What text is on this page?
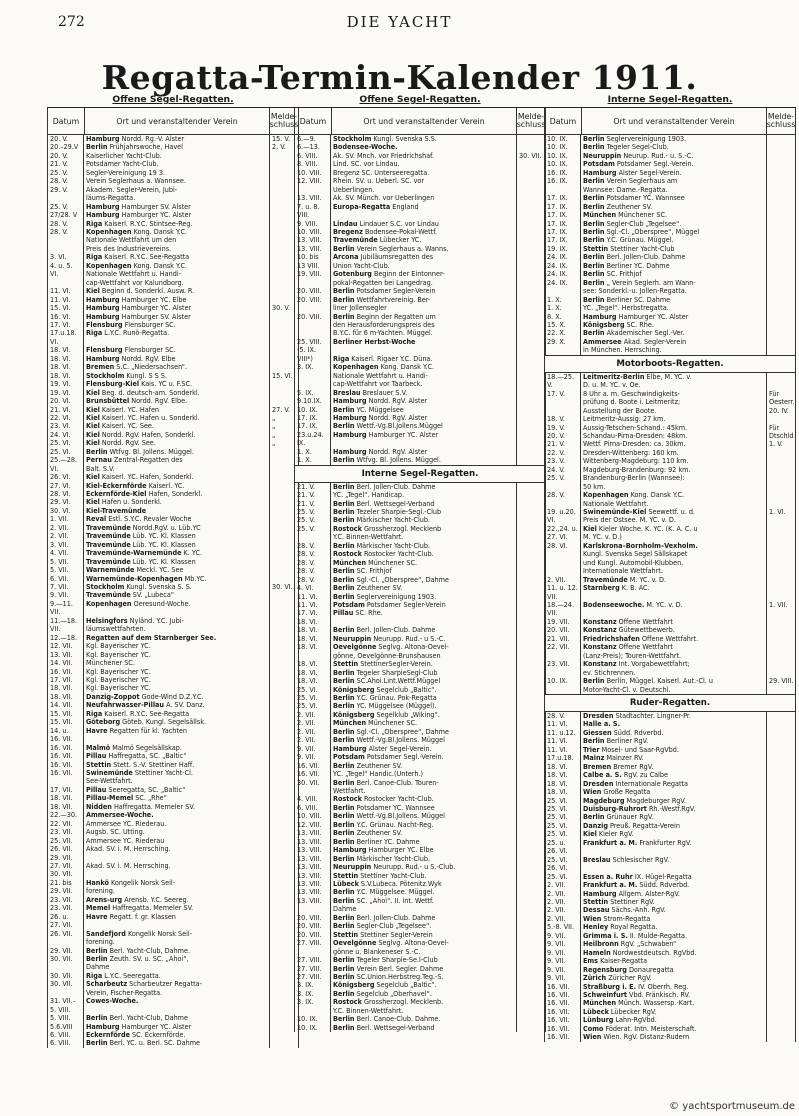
272	DIE YACHT
Regatta-Termin-Kalender 1911.
Offene Segel-Regatten.
Datum	Ort und veranstaltender Verein	Melde-schluss
20. V.	Hamburg Nordd. Rg.-V. Alster	15. V.
20.–29.V	Berlin Frühjahrswoche, Havel	2. V.
20. V.	Kaiserlicher Yacht-Club.
21. V.	Potsdamer Yacht-Club.
25. V.	Segler-Vereinigung 19 3.
28. V.	Verein Seglerhaus a. Wannsee.
29. V.	Akadem. Segler-Verein, Jubi-
läums-Regatta.
25. V.	Hamburg Hamburger SV. Alster
27/28. V	Hamburg Hamburger YC. Alster
28. V.	Riga Kaiserl. R.Y.C. Stintsee-Reg.
28. V.	Kopenhagen Kong. Dansk Y.C.
Nationale Wettfahrt um den
Preis des Industrievereins.
3. VI.	Riga Kaiserl. R.Y.C. See-Regatta
4. u. 5.	Kopenhagen Kong. Dansk Y.C.
VI.	Nationale Wettfahrt u. Handi-
cap-Wettfahrt vor Kalundborg.
11. VI.	Kiel Beginn d. Sonderkl. Ausw. R.
11. VI.	Hamburg Hamburger YC. Elbe
15. VI.	Hamburg Hamburger YC. Alster	30. V.
16. VI.	Hamburg Hamburger SV. Alster
17. VI.	Flensburg Flensburger SC.
17.u.18.	Riga L.Y.C. Runö-Regatta.
VI.
18. VI.	Flensburg Flensburger SC.
18. VI.	Hamburg Nordd. RgV. Elbe
18. VI.	Bremen S.C. „Niedersachsen“.
18. VI.	Stockholm Kungl. S S S.	15. VI.
19. VI.	Flensburg-Kiel Kais. YC u. F.SC.
19. VI.	Kiel Beg. d. deutsch-am. Sonderkl.
20. VI.	Brunsbüttel Nordd. RgV. Elbe.
21. VI.	Kiel Kaiserl. YC. Hafen	27. V.
22. VI.	Kiel Kaiserl. YC. Hafen u. Sonderkl.	„
23. VI.	Kiel Kaiserl. YC. See.	„
24. VI.	Kiel Nordd. RgV. Hafen, Sonderkl.	„
25. VI.	Kiel Nordd. RgV. See.	„
25. VI.	Berlin Wtfvg. Bl. Jollens. Müggel.
25.—28.	Pernau Zentral-Regatten des
VI.	Balt. S.V.
26. VI.	Kiel Kaiserl. YC. Hafen, Sonderkl.
27. VI.	Kiel-Eckernförde Kaiserl. YC.
28. VI.	Eckernförde-Kiel Hafen, Sonderkl.
29. VI.	Kiel Hafen u. Sonderkl.
30. VI.	Kiel-Travemünde
1. VII.	Reval Estl. S.Y.C. Revaler Woche
2. VII.	Travemünde Nordd.RgV. u. Lüb.YC
2. VII.	Travemünde Lüb. YC. Kl. Klassen
3. VII.	Travemünde Lüb. YC. Kl. Klassen
4. VII.	Travemünde-Warnemünde K. YC.
5. VII.	Travemünde Lüb. YC. Kl. Klassen
5. VII.	Warnemünde Meckl. YC. See
6. VII.	Warnemünde-Kopenhagen Mb.YC.
7. VII.	Stockholm Kungl. Svenska S. S.	30. VI.
9. VII.	Travemünde SV. „Lubeca“
9.—11.	Kopenhagen Oeresund-Woche.
VII.
11.—18.	Helsingfors Nyländ. Y.C. Jubi-
VII.	läumswettfahrten.
12.—18.	Regatten auf dem Starnberger See.
12. VII.	Kgl. Bayerischer YC.
13. VII.	Kgl. Bayerischer YC.
14. VII.	Münchener SC.
16. VII.	Kgl. Bayerischer YC.
17. VII.	Kgl. Bayerischer YC.
18. VII.	Kgl. Bayerischer YC.
18. VII.	Danzig-Zoppot Gode-Wind D.Z.Y.C.
14. VII.	Neufahrwasser-Pillau A. SV. Danz.
15. VII.	Riga Kaiserl. R.Y.C. See-Regatta
15. VII.	Göteborg Göteb. Kungl. Segelsällsk.
14. u.	Havre Regatten für kl. Yachten
16. VII.
16. VII.	Malmö Malmö Segelsällskap.
16. VII.	Pillau Haffregatta, SC. „Baltic“
16. VII.	Stettin Stett. S.-V. Stettiner Haff.
16. VII.	Swinemünde Stettiner Yacht-Cl.
See-Wettfahrt.
17. VII.	Pillau Seeregatta, SC. „Baltic“
18. VII.	Pillau-Memel SC. „Rhe“
18. VII.	Nidden Haffregatta. Memeler SV.
22.—30.	Ammersee-Woche.
22. VII.	Ammersee YC. Riederau.
23. VII.	Augsb. SC. Utting.
25. VII.	Ammersee YC. Riederau
26. VII.	Akad. SV. i. M. Herrsching.
29. VII.
27. VII.	Akad. SV. i. M. Herrsching.
30. VII.
21. bis	Hankö Kongelik Norsk Seil-
29. VII.	forening.
23. VII.	Arens-urg Arensb. Y.C. Seereg.
23. VII.	Memel Haffregatta. Memeler SV.
26. u.	Havre Regatt. f. gr. Klassen
27. VII.
26. VII.	Sandefjord Kongelik Norsk Seil-
forening.
29. VII.	Berlin Berl. Yacht-Club, Dahme.
30. VII.	Berlin Zeuth. SV. u. SC. „Ahoi“,
Dahme
30. VII.	Riga L.Y.C. Seeregatta.
30. VII.	Scharbeutz Scharbeutzer Regatta-
Verein, Fischer-Regatta.
31. VII.–	Cowes-Woche.
5. VIII.
5. VIII.	Berlin Berl. Yacht-Club, Dahme
5.6.VIII	Hamburg Hamburger YC. Alster
6. VIII.	Eckernförde SC. Eckernförde.
6. VIII.	Berlin Berl. YC. u. Berl. SC. Dahme
Offene Segel-Regatten.
Datum	Ort und veranstaltender Verein	Melde-schluss
6.—9.	Stockholm Kungl. Svenska S.S.
6.—13.	Bodensee-Woche.
6. VIII.	Ak. SV. Mnch. vor Friedrichshaf.	30. VII.
8. VIII.	Lind. SC. vor Lindau.
10. VIII.	Bregenz SC. Unterseeregatta.
12. VIII.	Rhein. SV. u. Ueberl. SC. vor
Ueberlingen.
13. VIII.	Ak. SV. Münch. vor Ueberlingen
7. u. 8.	Europa-Regatta England
VIII.
9. VIII.	Lindau Lindauer S.C. vor Lindau
10. VIII.	Bregenz Bodensee-Pokal-Wettf.
13. VIII.	Travemünde Lübecker YC.
13. VIII.	Berlin Verein Seglerhaus a. Wanns.
10. bis	Arcona Jubiläumsregatten des
13 VIII.	Union Yacht-Club.
19. VIII.	Gotenburg Beginn der Eintonner-
pokal-Regatten bei Langedrag.
20. VIII.	Berlin Potsdamer Segler-Verein
20. VIII.	Berlin Wettfahrtvereinig. Ber-
liner Jollensegler
20. VIII.	Berlin Beginn der Regatten um
den Herausforderungspreis des
B.Y.C. für 6 m-Yachten. Müggel.
25. VIII.	Berliner Herbst-Woche
-5. IX.
VIII*)	Riga Kaiserl. Rigaer Y.C. Düna.
3. IX.	Kopenhagen Kong. Dansk Y.C.
Nationale Wettfahrt u. Handi-
cap-Wettfahrt vor Taarbeck.
5. IX.	Breslau Breslauer S.V.
9.10.IX.	Hamburg Nordd. RgV. Alster
10. IX.	Berlin YC. Müggelsee
17. IX.	Hamburg Nordd. RgV. Alster
17. IX.	Berlin Wettf.-Vg.Bl.Jollens.Müggel
23.u.24.	Hamburg Hamburger YC. Alster
IX.
1. X.	Hamburg Nordd. RgV. Alster
1. X.	Berlin Wtfvg. Bl. Jollens. Müggel.
Interne Segel-Regatten.
21. V.	Berlin Berl. Jollen-Club. Dahme
21. V.	YC. „Tegel“. Handicap.
21. V.	Berlin Berl. Wettsegel-Verband
25. V.	Berlin Tezeler Sharpie-Segl.-Club
25. V.	Berlin Märkischer Yacht-Club.
25. V.	Rostock Grossherzogl. Mecklenb
Y.C. Binnen-Wettfahrt.
28. V.	Berlin Märkischer Yacht-Club.
28. V.	Rostock Rostocker Yacht-Club.
28. V.	München Münchener SC.
28. V.	Berlin SC. Frithjof
28. V.	Berlin Sgl.-Cl. „Oberspree“, Dahme
4. VI.	Berlin Zeuthener SV.
11. VI.	Berlin Seglervereinigung 1903.
11. VI.	Potsdam Potsdamer Segler-Verein
17. VI.	Pillau SC. Rhe.
18. VI.
18. VI.	Berlin Berl. Jollen-Club. Dahme
18. VI.	Neuruppin Neurupp. Rud.- u S.-C.
18. VI.	Oevelgönne Seglvg. Altona-Oevel-
gönne, Oevelgönne-Brunshausen
18. VI.	Stettin StettinerSegler-Verein.
18. VI.	Berlin Tegeler SharpieSegl-Club
18. VI.	Berlin SC.Ahoi.Lint.Wettf.Müggel
25. VI.	Königsberg Segelclub „Baltic“.
25. VI.	Berlin Y.C. Grünau. Pok-Regatta
25. VI.	Berlin YC. Müggelsee (Müggel).
2. VII.	Königsberg Segelklub „Wiking“.
2. VII.	München Münchener SC.
2. VII.	Berlin Sgl.-Cl. „Oberspree“, Dahme
2. VII.	Berlin Wettf.-Vg.Bl.Jollens. Müggel
9. VII.	Hamburg Alster Segel-Verein.
9. VII.	Potsdam Potsdamer Segl.-Verein.
16. VII.	Berlin Zeuthener SV.
16. VII.	YC. „Tegel“ Handic.(Unterh.)
30. VII.	Berlin Berl. Canoe-Club. Touren-
Wettfahrt.
4. VIII.	Rostock Rostocker Yacht-Club.
6. VIII.	Berlin Potsdamer YC. Wannsee
10. VIII.	Berlin Wettf.-Vg.Bl.Jollens. Müggel
12. VIII.	Berlin Y.C. Grünau. Nacht-Reg.
13. VIII.	Berlin Zeuthener SV.
13. VIII.	Berlin Berliner YC. Dahme
13. VIII.	Hamburg Hamburger YC. Elbe
13. VIII.	Berlin Märkischer Yacht-Club.
13. VIII.	Neuruppin Neurupp. Rud.- u S.-Club.
13. VIII.	Stettin Stettiner Yacht-Club.
13. VIII.	Lübeck S.V.Lubeca. Pötenitz.Wyk
13. VIII.	Berlin Y.C. Müggelsee. Müggel.
13. VIII.	Berlin SC. „Ahoi“. II. int. Wettf.
Dahme
20. VIII.	Berlin Berl. Jollen-Club. Dahme
20. VIII.	Berlin Segler-Club „Tegelsee“.
20. VIII.	Stettin Stettiner Segler-Verein
27. VIII.	Oevelgönne Seglvg. Altona-Oevel-
gönne u. Blankeneser S.-C.
27. VIII.	Berlin Tegeler Sharpie-Se.l-Club
27. VIII.	Berlin Verein Berl. Segler. Dahme
27. VIII.	Berlin SC.Union.Herbstreg.Teg.-S.
3. IX.	Königsberg Segelclub „Baltic“.
3. IX.	Berlin Segelclub „Oberhavel“.
3. IX.	Rostock Grossherzogl. Mecklenb.
Y.C. Binnen-Wettfahrt.
10. IX.	Berlin Berl. Canoe-Club. Dahme.
10. IX.	Berlin Berl. Wettsegel-Verband
Interne Segel-Regatten.
Datum	Ort und veranstaltender Verein	Melde-schluss
10. IX.	Berlin Seglervereinigung 1903.
10. IX.	Berlin Tegeler Segel-Club.
10. IX.	Neuruppin Neurup. Rud.- u. S.-C.
10. IX.	Potsdam Potsdamer Segl.-Verein.
16. IX.	Hamburg Alster Segel-Verein.
16. IX.	Berlin Verein Seglerhaus am
Wannsee: Dame.-Regatta.
17. IX.	Berlin Potsdamer YC. Wannsee
17. IX.	Berlin Zeuthener SV.
17. IX.	München Münchener SC.
17. IX.	Berlin Segler-Club „Tegelsee“.
17. IX.	Berlin Sgl.-Cl. „Oberspree“, Müggel
17. IX.	Berlin Y.C. Grünau. Müggel.
19. IX.	Stettin Stettiner Yacht-Club
24. IX.	Berlin Berl. Jollen-Club. Dahme
24. IX.	Berlin Berliner YC. Dahme
24. IX.	Berlin SC. Frithjof
24. IX.	Berlin „ Verein Seglerh. am Wann-
see: Sonderkl.-u. Jollen-Regatta.
1. X.	Berlin Berliner SC. Dahme
1. X.	YC. „Tegel“. Herbstregatta.
8. X.	Hamburg Hamburger YC. Alster
15. X.	Königsberg SC. Rhe.
22. X.	Berlin Akademischer Segl.-Ver.
29. X.	Ammersee Akad. Segler-Verein
in München. Herrsching.
Motorboots-Regatten.
18.—25.	Leitmeritz-Berlin Elbe, M. YC. v.
V.	D. u. M. YC. v. Oe.
17. V.	8 Uhr a. m. Geschwindigkeits-	Für
prüfung d. Boote i. Leitmeritz;	Oesterr.
Ausstellung der Boote.	20. IV.
18. V.	Leitmeritz-Aussig: 27 km.
19. V.	Aussig-Tetschen-Schand.: 45km.	Für
20. V.	Schandau-Pirna-Dresden: 48km.	Dtschld
21. V.	Wettf. Pirna-Dresden: ca. 30km.	1. V.
22. V.	Dresden-Wittenberg: 160 km.
23. V.	Wittenberg-Magdeburg: 110 km.
24. V.	Magdeburg-Brandenburg: 92 km.
25. V.	Brandenburg-Berlin (Wannsee):
50 km.
28. V.	Kopenhagen Kong. Dansk Y.C.
Nationale Wettfahrt.
19. u.20.	Swinemünde-Kiel Seewettf. u. d.	1. VI.
VI.	Preis der Ostsee. M. YC. v. D.
22.,24. u. Kiel Kieler Woche. K. YC. (K. A. C. u
27. VI.	M. YC. v. D.)
28. VI.	Karlskrona–Bornholm–Vexholm.
Kungl. Svenska Segel Sällskapet
und Kungl. Automobil-Klubben.
Internationale Wettfahrt.
2. VII.	Travemünde M. YC. v. D.
11. u. 12. Starnberg K. B. AC.
VII.
18.—24.	Bodenseewoche. M. YC. v. D.	1. VII.
VII.
19. VII.	Konstanz Offene Wettfahrt
20. VII.	Konstanz Gütewettbewerb.
21. VII.	Friedrichshafen Offene Wettfahrt.
22. VII.	Konstanz Offene Wettfahrt
(Lanz-Preis); Touren-Wettfahrt.
23. VII.	Konstanz Int. Vorgabewettfahrt;
ev. Stichrennen.
10. IX.	Berlin Berlin, Müggel. Kaiserl. Aut.-Cl. u	29. VIII.
Motor-Yacht-Cl. v. Deutschl.
Ruder-Regatten.
28. V.	Dresden Stadtachter. Lingner-Pr.
11. VI.	Halle a. S.
11. u.12.	Giessen Südd. Rdverbd.
11. VI.	Berlin Berliner RgV.
11. VI.	Trier Mosel- und Saar-RgVbd.
17.u.18.	Mainz Mainzer RV.
18. VI.	Bremen Bremer RgV.
18. VI.	Calbe a. S. RgV. zu Calbe
18. VI.	Dresden Internationale Regatta
18. VI.	Wien Große Regatta
25. VI.	Magdeburg Magdeburger RgV.
25. VI.	Duisburg-Ruhrort Rh.-Westf.RgV.
25. VI.	Berlin Grünauer RgV.
25. VI.	Danzig Preuß. Regatta-Verein
25. VI.	Kiel Kieler RgV.
25. u.	Frankfurt a. M. Frankfurter RgV.
26. VI.
25. VI.	Breslau Schlesischer RgV.
26. VI.
25. VI.	Essen a. Ruhr IX. Hügel-Regatta
2. VII.	Frankfurt a. M. Südd. Rdverbd.
2. VII.	Hamburg Allgem. Alster-RgV.
2. VII.	Stettin Stettiner RgV.
2. VII.	Dessau Sächs.-Anh. RgV.
2. VII.	Wien Strom-Regatta
5.-8. VII.	Henley Royal Regatta.
9. VII.	Grimma i. S. II. Mulde-Regatta.
9. VII.	Heilbronn RgV. „Schwaben“
9. VII.	Hameln Nordwestdeutsch. RgVbd.
9. VII.	Ems Kaiser-Regatta
9. VII.	Regensburg Donauregatta
9. VII.	Zürich Züricher RgV.
16. VII.	Straßburg i. E. IV. Oberrh. Reg.
16. VII.	Schweinfurt Vbd. Fränkisch. RV.
16. VII.	München Münch. Wassersp.-Kart.
16. VII.	Lübeck Lübecker RgV.
16. VII.	Lünburg Lahn-RgVbd.
16. VII.	Como Föderat. Intn. Meisterschaft.
16. VII.	Wien Wien. RgV. Distanz-Rudern
© yachtsportmuseum.de
